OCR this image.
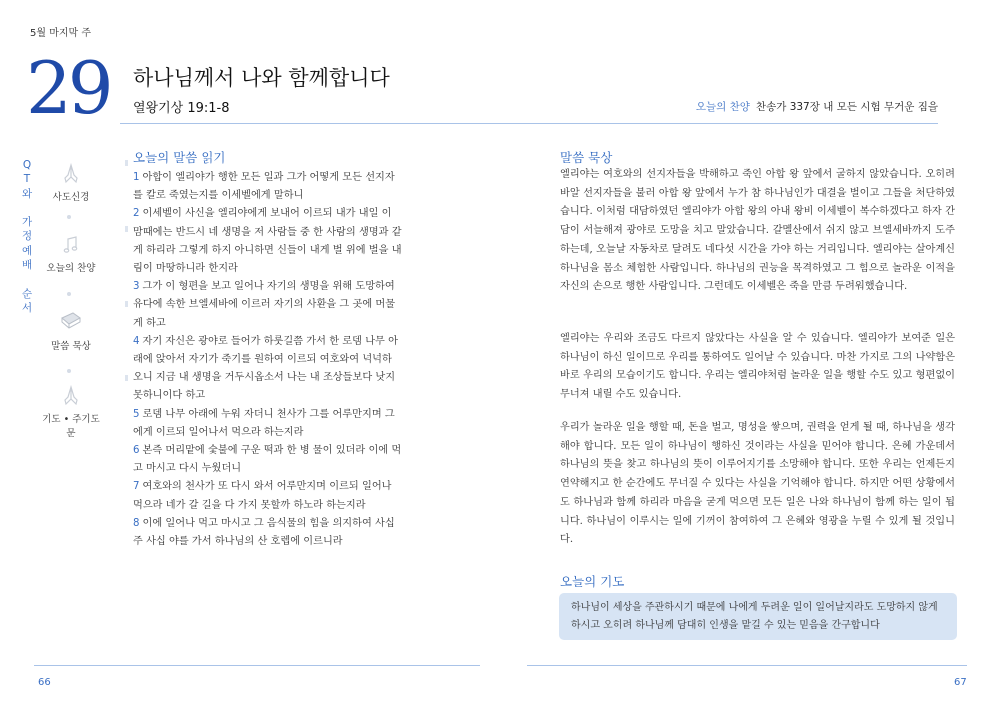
5월 마지막 주
29 하나님께서 나와 함께합니다
열왕기상 19:1-8	오늘의 찬양 찬송가 337장 내 모든 시험 무거운 짐을
Q
T
와
가
정
예
배
순
서
사도신경
오늘의 찬양
말씀 묵상
기도 • 주기도문
오늘의 말씀 읽기
1 아합이 엘리야가 행한 모든 일과 그가 어떻게 모든 선지자
를 칼로 죽였는지를 이세벨에게 말하니
2 이세벨이 사신을 엘리야에게 보내어 이르되 내가 내일 이
맘때에는 반드시 네 생명을 저 사람들 중 한 사람의 생명과 같
게 하리라 그렇게 하지 아니하면 신들이 내게 벌 위에 벌을 내
림이 마땅하니라 한지라
3 그가 이 형편을 보고 일어나 자기의 생명을 위해 도망하여
유다에 속한 브엘세바에 이르러 자기의 사환을 그 곳에 머물
게 하고
4 자기 자신은 광야로 들어가 하룻길쯤 가서 한 로뎀 나무 아
래에 앉아서 자기가 죽기를 원하여 이르되 여호와여 넉넉하
오니 지금 내 생명을 거두시옵소서 나는 내 조상들보다 낫지
못하니이다 하고
5 로뎀 나무 아래에 누워 자더니 천사가 그를 어루만지며 그
에게 이르되 일어나서 먹으라 하는지라
6 본즉 머리맡에 숯불에 구운 떡과 한 병 물이 있더라 이에 먹
고 마시고 다시 누웠더니
7 여호와의 천사가 또 다시 와서 어루만지며 이르되 일어나
먹으라 네가 갈 길을 다 가지 못할까 하노라 하는지라
8 이에 일어나 먹고 마시고 그 음식물의 힘을 의지하여 사십
주 사십 야를 가서 하나님의 산 호렙에 이르니라
말씀 묵상
엘리야는 여호와의 선지자들을 박해하고 죽인 아합 왕 앞에서 굴하지 않았습니다. 오히려 바알 선지자들을 불러 아합 왕 앞에서 누가 참 하나님인가 대결을 벌이고 그들을 처단하였습니다. 이처럼 대담하였던 엘리야가 아합 왕의 아내 왕비 이세벨이 복수하겠다고 하자 간담이 서늘해져 광야로 도망을 치고 말았습니다. 갈멜산에서 쉬지 않고 브엘세바까지 도주하는데, 오늘날 자동차로 달려도 네다섯 시간을 가야 하는 거리입니다. 엘리야는 살아계신 하나님을 몸소 체험한 사람입니다. 하나님의 권능을 목격하였고 그 힘으로 놀라운 이적을 자신의 손으로 행한 사람입니다. 그런데도 이세벨은 죽을 만큼 두려워했습니다.
엘리야는 우리와 조금도 다르지 않았다는 사실을 알 수 있습니다. 엘리야가 보여준 일은 하나님이 하신 일이므로 우리를 통하여도 일어날 수 있습니다. 마찬 가지로 그의 나약함은 바로 우리의 모습이기도 합니다. 우리는 엘리야처럼 놀라운 일을 행할 수도 있고 형편없이 무너져 내릴 수도 있습니다.
우리가 놀라운 일을 행할 때, 돈을 벌고, 명성을 쌓으며, 권력을 얻게 될 때, 하나님을 생각해야 합니다. 모든 일이 하나님이 행하신 것이라는 사실을 믿어야 합니다. 은혜 가운데서 하나님의 뜻을 찾고 하나님의 뜻이 이루어지기를 소망해야 합니다. 또한 우리는 언제든지 연약해지고 한 순간에도 무너질 수 있다는 사실을 기억해야 합니다. 하지만 어떤 상황에서도 하나님과 함께 하리라 마음을 굳게 먹으면 모든 일은 나와 하나님이 함께 하는 일이 됩니다. 하나님이 이루시는 일에 기꺼이 참여하여 그 은혜와 영광을 누릴 수 있게 될 것입니다.
오늘의 기도
하나님이 세상을 주관하시기 때문에 나에게 두려운 일이 일어날지라도 도망하지 않게
하시고 오히려 하나님께 담대히 인생을 맡길 수 있는 믿음을 간구합니다
66	67
